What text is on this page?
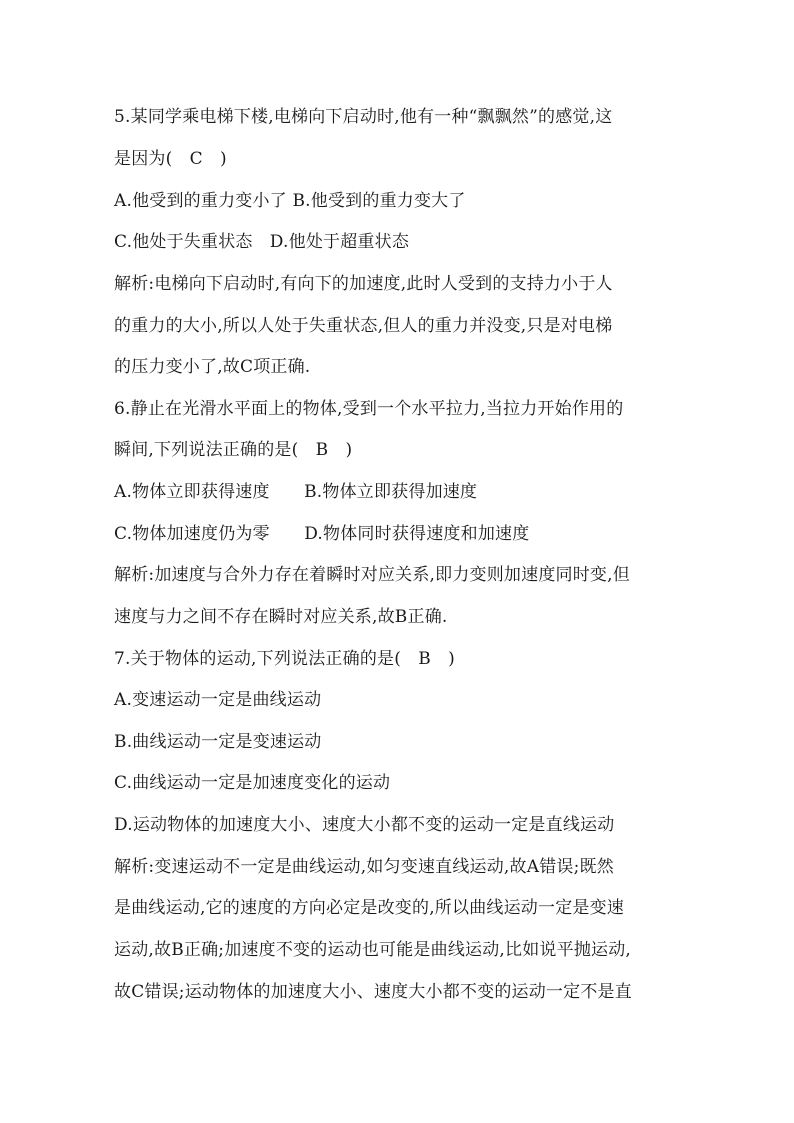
5.某同学乘电梯下楼,电梯向下启动时,他有一种“飘飘然”的感觉,这
是因为(　C　)
A.他受到的重力变小了 B.他受到的重力变大了
C.他处于失重状态　D.他处于超重状态
解析:电梯向下启动时,有向下的加速度,此时人受到的支持力小于人
的重力的大小,所以人处于失重状态,但人的重力并没变,只是对电梯
的压力变小了,故C项正确.
6.静止在光滑水平面上的物体,受到一个水平拉力,当拉力开始作用的
瞬间,下列说法正确的是(　B　)
A.物体立即获得速度　　B.物体立即获得加速度
C.物体加速度仍为零　　D.物体同时获得速度和加速度
解析:加速度与合外力存在着瞬时对应关系,即力变则加速度同时变,但
速度与力之间不存在瞬时对应关系,故B正确.
7.关于物体的运动,下列说法正确的是(　B　)
A.变速运动一定是曲线运动
B.曲线运动一定是变速运动
C.曲线运动一定是加速度变化的运动
D.运动物体的加速度大小、速度大小都不变的运动一定是直线运动
解析:变速运动不一定是曲线运动,如匀变速直线运动,故A错误;既然
是曲线运动,它的速度的方向必定是改变的,所以曲线运动一定是变速
运动,故B正确;加速度不变的运动也可能是曲线运动,比如说平抛运动,
故C错误;运动物体的加速度大小、速度大小都不变的运动一定不是直
